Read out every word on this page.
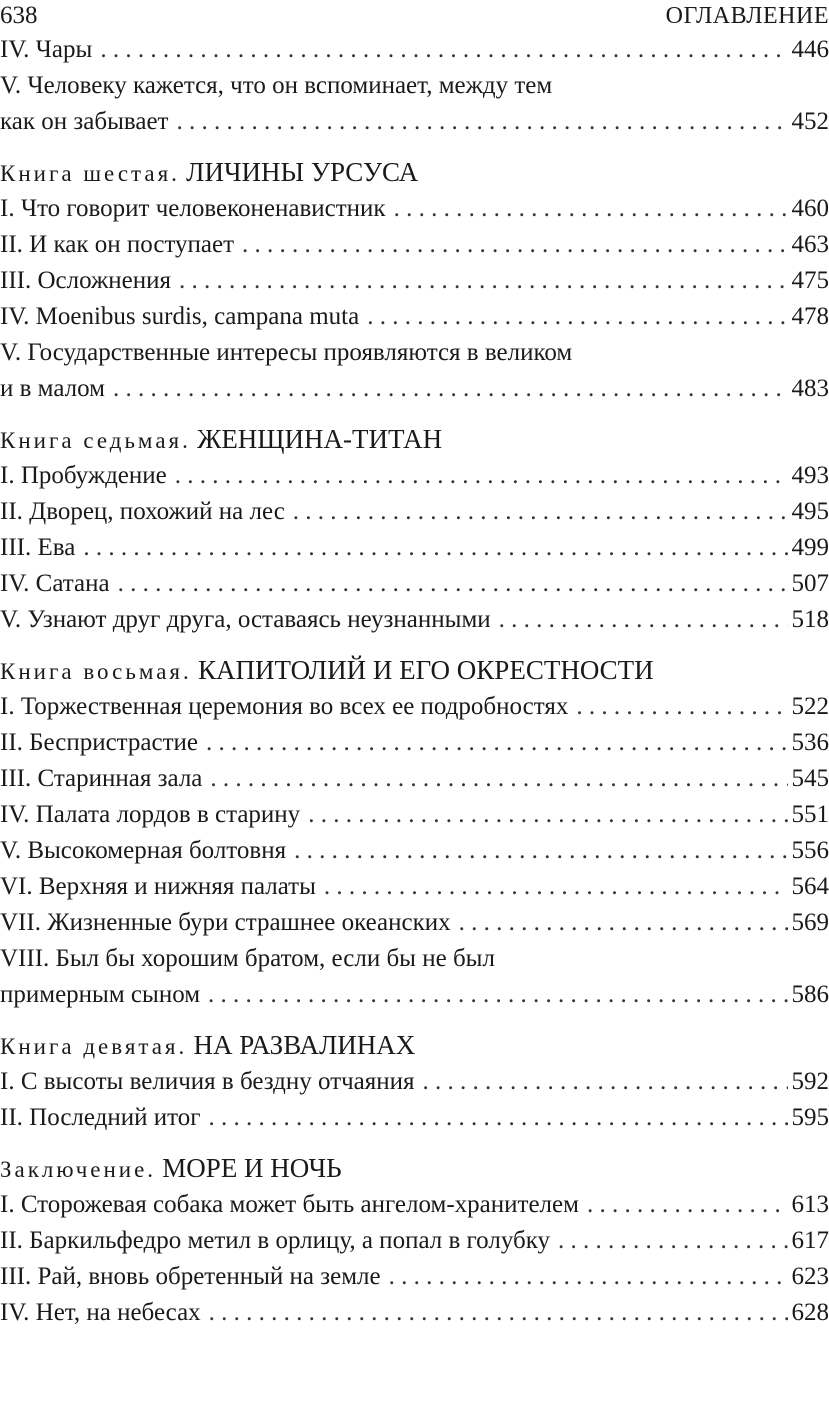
638	ОГЛАВЛЕНИЕ
IV. Чары . . .	446
V. Человеку кажется, что он вспоминает, между тем
как он забывает . . .	452
Книга шестая. ЛИЧИНЫ УРСУСА
I. Что говорит человеконенавистник . . .	460
II. И как он поступает . . .	463
III. Осложнения . . .	475
IV. Moenibus surdis, campana muta . . .	478
V. Государственные интересы проявляются в великом
и в малом . . .	483
Книга седьмая. ЖЕНЩИНА-ТИТАН
I. Пробуждение . . .	493
II. Дворец, похожий на лес . . .	495
III. Ева . . .	499
IV. Сатана . . .	507
V. Узнают друг друга, оставаясь неузнанными . . .	518
Книга восьмая. КАПИТОЛИЙ И ЕГО ОКРЕСТНОСТИ
I. Торжественная церемония во всех ее подробностях . . .	522
II. Беспристрастие . . .	536
III. Старинная зала . . .	545
IV. Палата лордов в старину . . .	551
V. Высокомерная болтовня . . .	556
VI. Верхняя и нижняя палаты . . .	564
VII. Жизненные бури страшнее океанских . . .	569
VIII. Был бы хорошим братом, если бы не был
примерным сыном . . .	586
Книга девятая. НА РАЗВАЛИНАХ
I. С высоты величия в бездну отчаяния . . .	592
II. Последний итог . . .	595
Заключение. МОРЕ И НОЧЬ
I. Сторожевая собака может быть ангелом-хранителем . . .	613
II. Баркильфедро метил в орлицу, а попал в голубку . . .	617
III. Рай, вновь обретенный на земле . . .	623
IV. Нет, на небесах . . .	628
